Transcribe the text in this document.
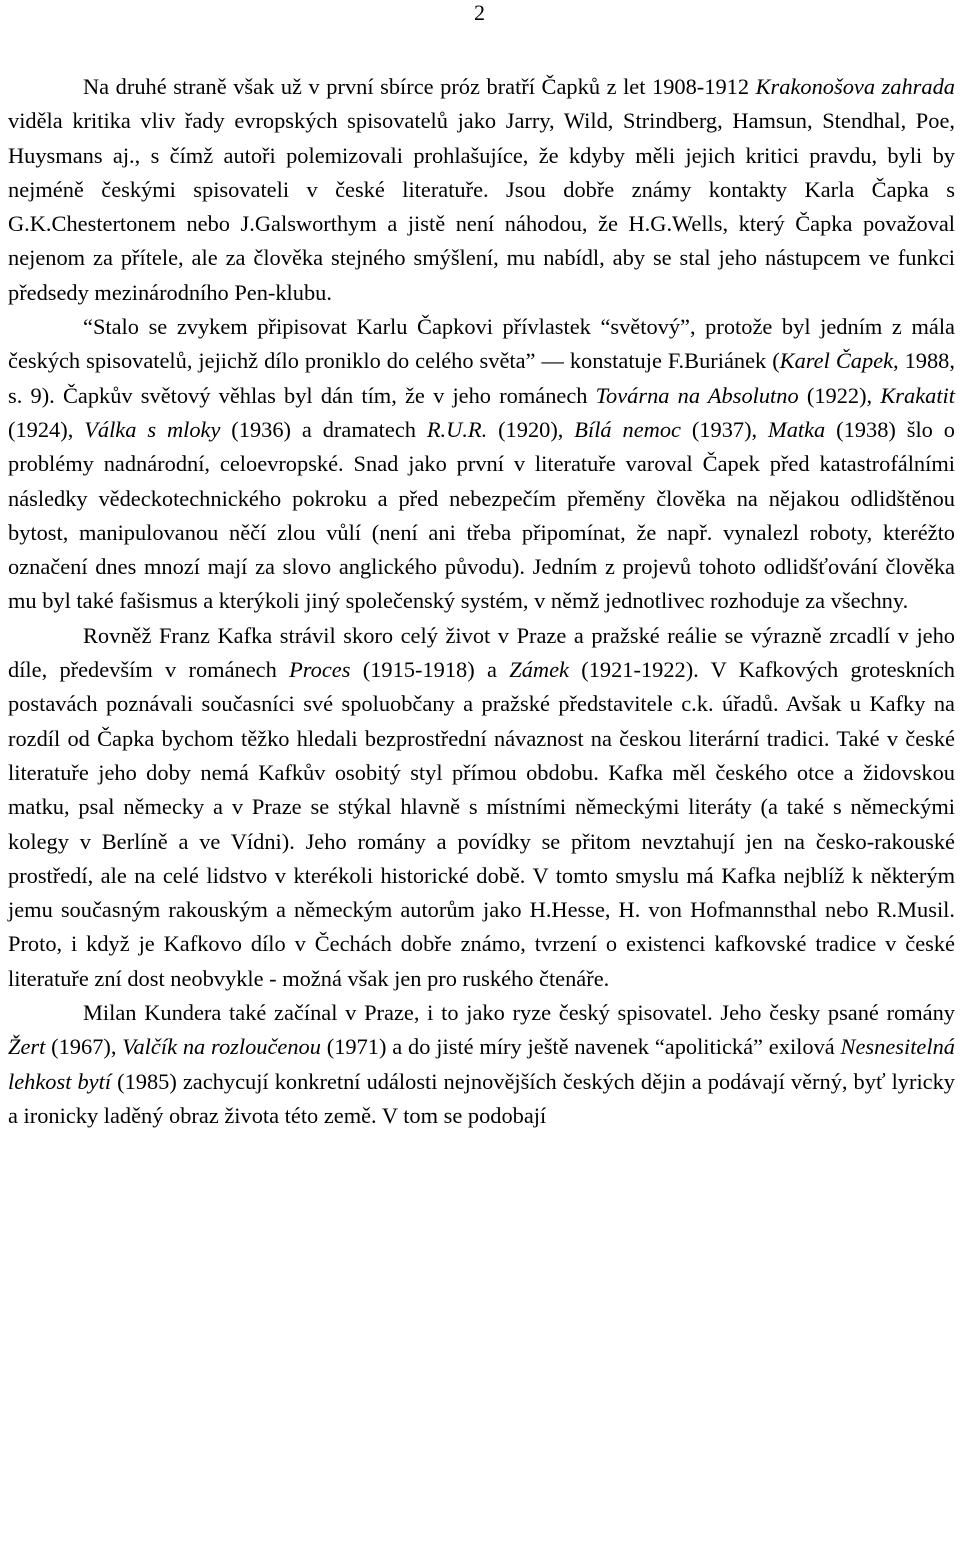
2

Na druhé straně však už v první sbírce próz bratří Čapků z let 1908-1912 Krakonošova zahrada viděla kritika vliv řady evropských spisovatelů jako Jarry, Wild, Strindberg, Hamsun, Stendhal, Poe, Huysmans aj., s čímž autoři polemizovali prohlašujíce, že kdyby měli jejich kritici pravdu, byli by nejméně českými spisovateli v české literatuře. Jsou dobře známy kontakty Karla Čapka s G.K.Chestertonem nebo J.Galsworthym a jistě není náhodou, že H.G.Wells, který Čapka považoval nejenom za přítele, ale za člověka stejného smýšlení, mu nabídl, aby se stal jeho nástupcem ve funkci předsedy mezinárodního Pen-klubu.

“Stalo se zvykem připisovat Karlu Čapkovi přívlastek “světový”, protože byl jedním z mála českých spisovatelů, jejichž dílo proniklo do celého světa” — konstatuje F.Buriánek (Karel Čapek, 1988, s. 9). Čapkův světový věhlas byl dán tím, že v jeho románech Továrna na Absolutno (1922), Krakatit (1924), Válka s mloky (1936) a dramatech R.U.R. (1920), Bílá nemoc (1937), Matka (1938) šlo o problémy nadnárodní, celoevropské. Snad jako první v literatuře varoval Čapek před katastrofálními následky vědeckotechnického pokroku a před nebezpečím přeměny člověka na nějakou odlidštěnou bytost, manipulovanou něčí zlou vůlí (není ani třeba připomínat, že např. vynalezl roboty, kteréžto označení dnes mnozí mají za slovo anglického původu). Jedním z projevů tohoto odlidšťování člověka mu byl také fašismus a kterýkoli jiný společenský systém, v němž jednotlivec rozhoduje za všechny.

Rovněž Franz Kafka strávil skoro celý život v Praze a pražské reálie se výrazně zrcadlí v jeho díle, především v románech Proces (1915-1918) a Zámek (1921-1922). V Kafkových groteskních postavách poznávali současníci své spoluobčany a pražské představitele c.k. úřadů. Avšak u Kafky na rozdíl od Čapka bychom těžko hledali bezprostřední návaznost na českou literární tradici. Také v české literatuře jeho doby nemá Kafkův osobitý styl přímou obdobu. Kafka měl českého otce a židovskou matku, psal německy a v Praze se stýkal hlavně s místními německými literáty (a také s německými kolegy v Berlíně a ve Vídni). Jeho romány a povídky se přitom nevztahují jen na česko-rakouské prostředí, ale na celé lidstvo v kterékoli historické době. V tomto smyslu má Kafka nejblíž k některým jemu současným rakouským a německým autorům jako H.Hesse, H. von Hofmannsthal nebo R.Musil. Proto, i když je Kafkovo dílo v Čechách dobře známo, tvrzení o existenci kafkovské tradice v české literatuře zní dost neobvykle - možná však jen pro ruského čtenáře.

Milan Kundera také začínal v Praze, i to jako ryze český spisovatel. Jeho česky psané romány Žert (1967), Valčík na rozloučenou (1971) a do jisté míry ještě navenek “apolitická” exilová Nesnesitelná lehkost bytí (1985) zachycují konkretní události nejnovějších českých dějin a podávají věrný, byť lyricky a ironicky laděný obraz života této země. V tom se podobají
